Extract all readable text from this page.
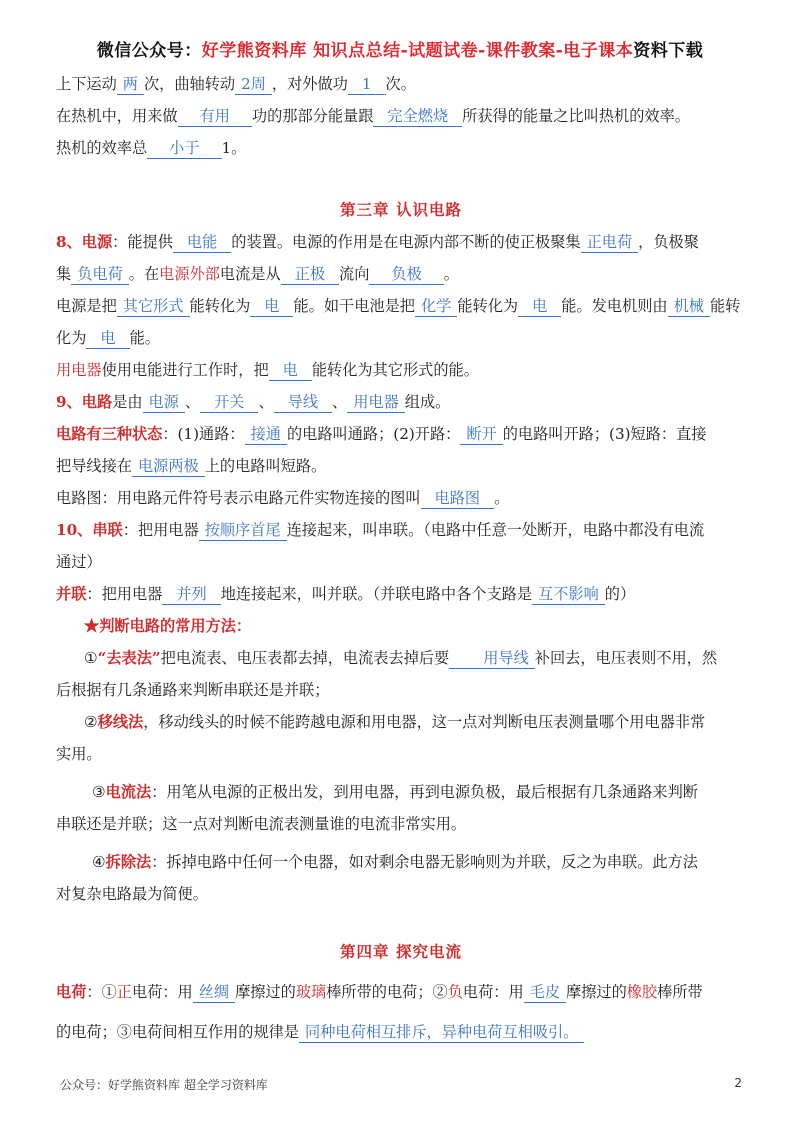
微信公众号：好学熊资料库 知识点总结-试题试卷-课件教案-电子课本资料下载

上下运动 两 次，曲轴转动 2周 ，对外做功 1 次。

在热机中，用来做 有用 功的那部分能量跟 完全燃烧 所获得的能量之比叫热机的效率。

热机的效率总 小于 1。

第三章 认识电路

8、电源：能提供 电能 的装置。电源的作用是在电源内部不断的使正极聚集 正电荷 ，负极聚

集 负电荷 。在电源外部电流是从 正极 流向 负极 。

电源是把 其它形式 能转化为 电 能。如干电池是把 化学 能转化为 电 能。发电机则由 机械 能转

化为 电 能。

用电器使用电能进行工作时，把 电 能转化为其它形式的能。

9、电路是由 电源 、 开关 、 导线 、 用电器 组成。

电路有三种状态：(1)通路： 接通 的电路叫通路；(2)开路： 断开 的电路叫开路；(3)短路：直接

把导线接在 电源两极 上的电路叫短路。

电路图：用电路元件符号表示电路元件实物连接的图叫 电路图 。

10、串联：把用电器 按顺序首尾 连接起来，叫串联。（电路中任意一处断开，电路中都没有电流

通过）

并联：把用电器 并列 地连接起来，叫并联。（并联电路中各个支路是 互不影响 的）

★判断电路的常用方法：

①“去表法”把电流表、电压表都去掉，电流表去掉后要 用导线 补回去，电压表则不用，然

后根据有几条通路来判断串联还是并联；

②移线法，移动线头的时候不能跨越电源和用电器，这一点对判断电压表测量哪个用电器非常

实用。

③电流法：用笔从电源的正极出发，到用电器，再到电源负极，最后根据有几条通路来判断

串联还是并联；这一点对判断电流表测量谁的电流非常实用。

④拆除法：拆掉电路中任何一个电器，如对剩余电器无影响则为并联，反之为串联。此方法

对复杂电路最为简便。

第四章 探究电流

电荷：①正电荷：用 丝绸 摩擦过的玻璃棒所带的电荷；②负电荷：用 毛皮 摩擦过的橡胶棒所带

的电荷；③电荷间相互作用的规律是 同种电荷相互排斥，异种电荷互相吸引。

公众号：好学熊资料库 超全学习资料库	2
